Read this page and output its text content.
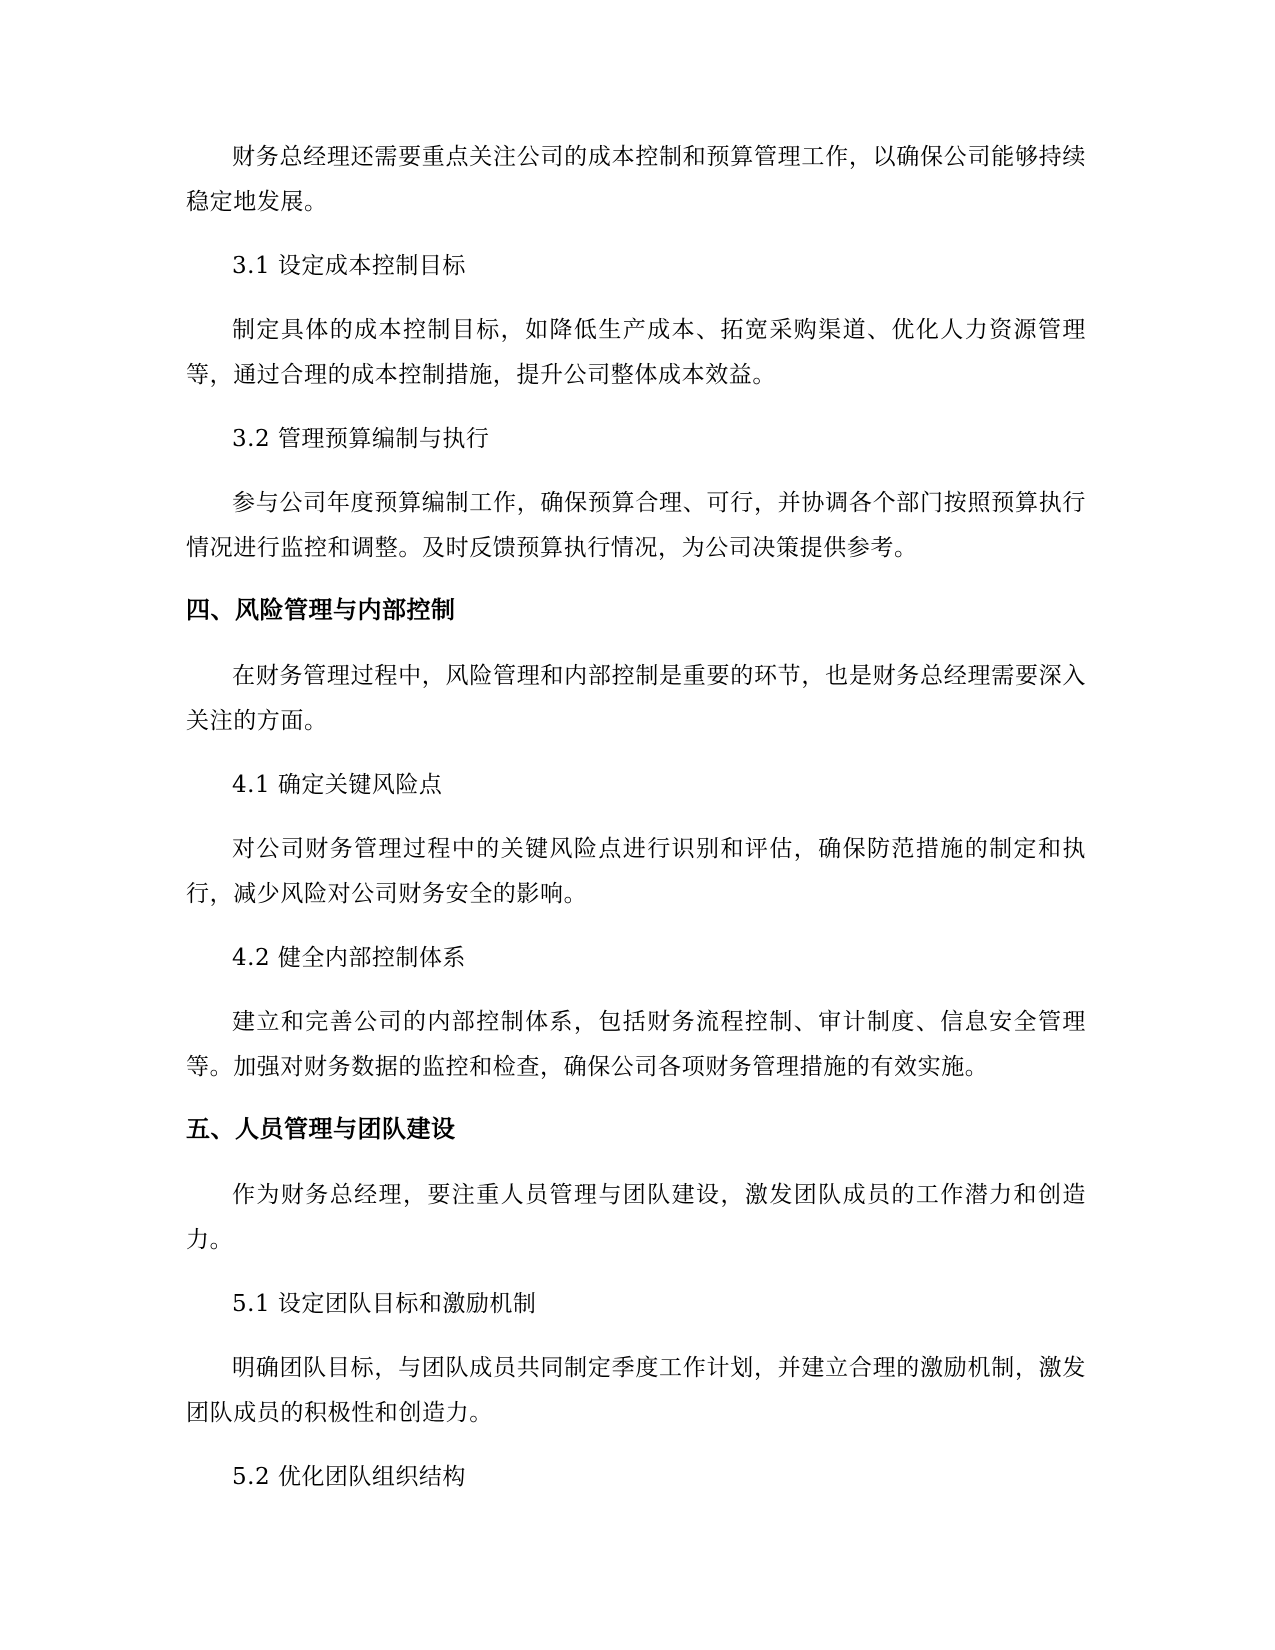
财务总经理还需要重点关注公司的成本控制和预算管理工作，以确保公司能够持续稳定地发展。

3.1 设定成本控制目标

制定具体的成本控制目标，如降低生产成本、拓宽采购渠道、优化人力资源管理等，通过合理的成本控制措施，提升公司整体成本效益。

3.2 管理预算编制与执行

参与公司年度预算编制工作，确保预算合理、可行，并协调各个部门按照预算执行情况进行监控和调整。及时反馈预算执行情况，为公司决策提供参考。

四、风险管理与内部控制

在财务管理过程中，风险管理和内部控制是重要的环节，也是财务总经理需要深入关注的方面。

4.1 确定关键风险点

对公司财务管理过程中的关键风险点进行识别和评估，确保防范措施的制定和执行，减少风险对公司财务安全的影响。

4.2 健全内部控制体系

建立和完善公司的内部控制体系，包括财务流程控制、审计制度、信息安全管理等。加强对财务数据的监控和检查，确保公司各项财务管理措施的有效实施。

五、人员管理与团队建设

作为财务总经理，要注重人员管理与团队建设，激发团队成员的工作潜力和创造力。

5.1 设定团队目标和激励机制

明确团队目标，与团队成员共同制定季度工作计划，并建立合理的激励机制，激发团队成员的积极性和创造力。

5.2 优化团队组织结构
